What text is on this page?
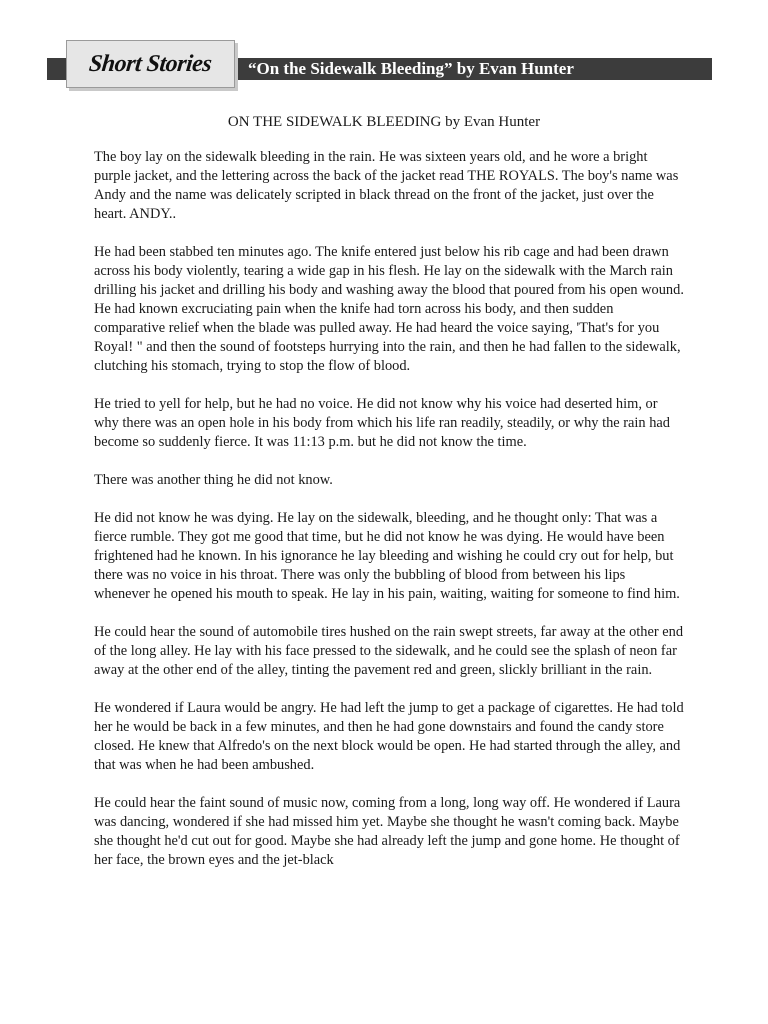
Short Stories “On the Sidewalk Bleeding” by Evan Hunter
ON THE SIDEWALK BLEEDING by Evan Hunter

The boy lay on the sidewalk bleeding in the rain. He was sixteen years old, and he wore a bright purple jacket, and the lettering across the back of the jacket read THE ROYALS. The boy's name was Andy and the name was delicately scripted in black thread on the front of the jacket, just over the heart. ANDY..

He had been stabbed ten minutes ago. The knife entered just below his rib cage and had been drawn across his body violently, tearing a wide gap in his flesh. He lay on the sidewalk with the March rain drilling his jacket and drilling his body and washing away the blood that poured from his open wound. He had known excruciating pain when the knife had torn across his body, and then sudden comparative relief when the blade was pulled away. He had heard the voice saying, 'That's for you Royal! " and then the sound of footsteps hurrying into the rain, and then he had fallen to the sidewalk, clutching his stomach, trying to stop the flow of blood.

He tried to yell for help, but he had no voice. He did not know why his voice had deserted him, or why there was an open hole in his body from which his life ran readily, steadily, or why the rain had become so suddenly fierce. It was 11:13 p.m. but he did not know the time.

There was another thing he did not know.

He did not know he was dying. He lay on the sidewalk, bleeding, and he thought only: That was a fierce rumble. They got me good that time, but he did not know he was dying. He would have been frightened had he known. In his ignorance he lay bleeding and wishing he could cry out for help, but there was no voice in his throat. There was only the bubbling of blood from between his lips whenever he opened his mouth to speak. He lay in his pain, waiting, waiting for someone to find him.

He could hear the sound of automobile tires hushed on the rain swept streets, far away at the other end of the long alley. He lay with his face pressed to the sidewalk, and he could see the splash of neon far away at the other end of the alley, tinting the pavement red and green, slickly brilliant in the rain.

He wondered if Laura would be angry. He had left the jump to get a package of cigarettes. He had told her he would be back in a few minutes, and then he had gone downstairs and found the candy store closed. He knew that Alfredo's on the next block would be open. He had started through the alley, and that was when he had been ambushed.

He could hear the faint sound of music now, coming from a long, long way off. He wondered if Laura was dancing, wondered if she had missed him yet. Maybe she thought he wasn't coming back. Maybe she thought he'd cut out for good. Maybe she had already left the jump and gone home. He thought of her face, the brown eyes and the jet-black
